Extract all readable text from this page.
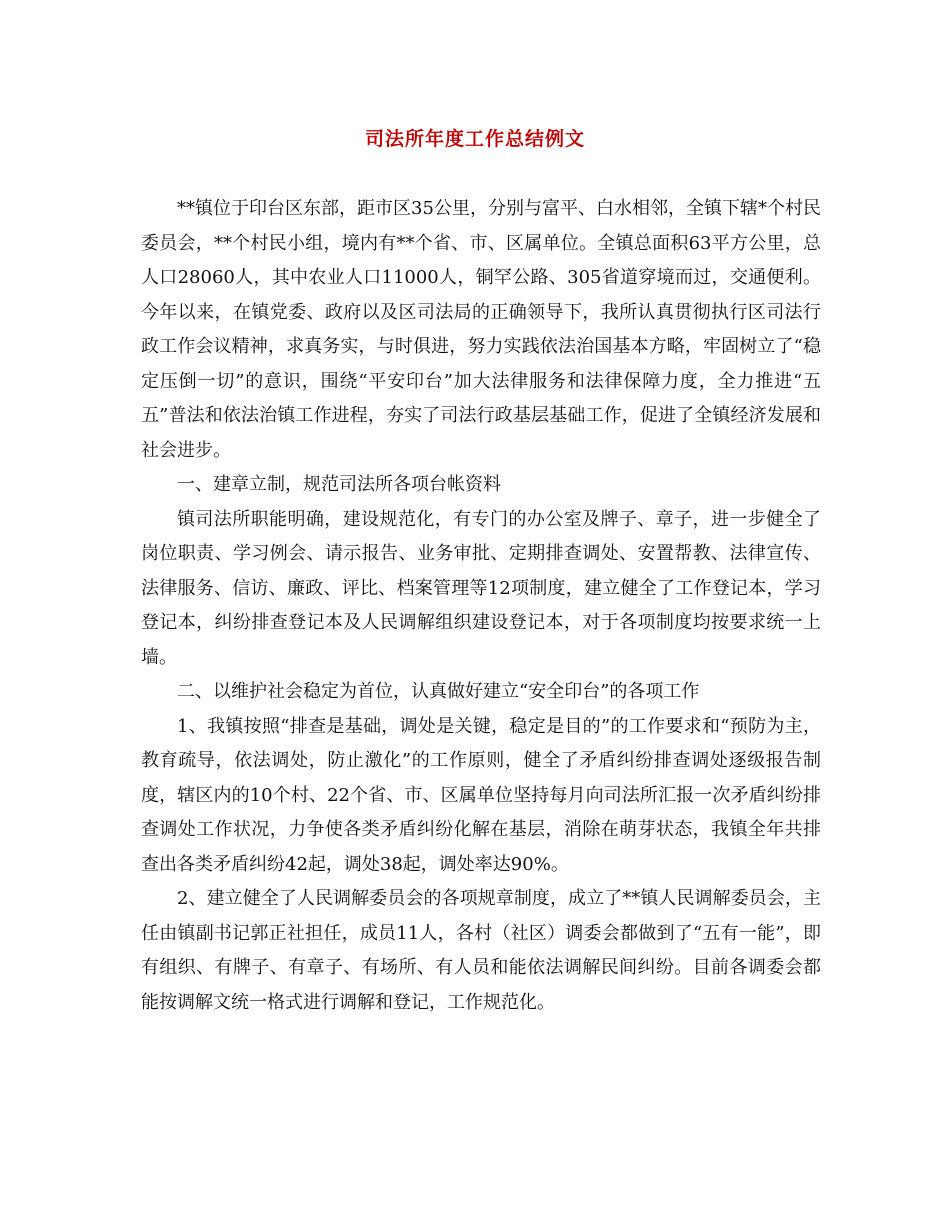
司法所年度工作总结例文

**镇位于印台区东部，距市区35公里，分别与富平、白水相邻，全镇下辖*个村民委员会，**个村民小组，境内有**个省、市、区属单位。全镇总面积63平方公里，总人口28060人，其中农业人口11000人，铜罕公路、305省道穿境而过，交通便利。今年以来，在镇党委、政府以及区司法局的正确领导下，我所认真贯彻执行区司法行政工作会议精神，求真务实，与时俱进，努力实践依法治国基本方略，牢固树立了“稳定压倒一切”的意识，围绕“平安印台”加大法律服务和法律保障力度，全力推进“五五”普法和依法治镇工作进程，夯实了司法行政基层基础工作，促进了全镇经济发展和社会进步。

一、建章立制，规范司法所各项台帐资料

镇司法所职能明确，建设规范化，有专门的办公室及牌子、章子，进一步健全了岗位职责、学习例会、请示报告、业务审批、定期排查调处、安置帮教、法律宣传、法律服务、信访、廉政、评比、档案管理等12项制度，建立健全了工作登记本，学习登记本，纠纷排查登记本及人民调解组织建设登记本，对于各项制度均按要求统一上墙。

二、以维护社会稳定为首位，认真做好建立“安全印台”的各项工作

1、我镇按照“排查是基础，调处是关键，稳定是目的”的工作要求和“预防为主，教育疏导，依法调处，防止激化”的工作原则，健全了矛盾纠纷排查调处逐级报告制度，辖区内的10个村、22个省、市、区属单位坚持每月向司法所汇报一次矛盾纠纷排查调处工作状况，力争使各类矛盾纠纷化解在基层，消除在萌芽状态，我镇全年共排查出各类矛盾纠纷42起，调处38起，调处率达90%。

2、建立健全了人民调解委员会的各项规章制度，成立了**镇人民调解委员会，主任由镇副书记郭正社担任，成员11人，各村（社区）调委会都做到了“五有一能”，即有组织、有牌子、有章子、有场所、有人员和能依法调解民间纠纷。目前各调委会都能按调解文统一格式进行调解和登记，工作规范化。
